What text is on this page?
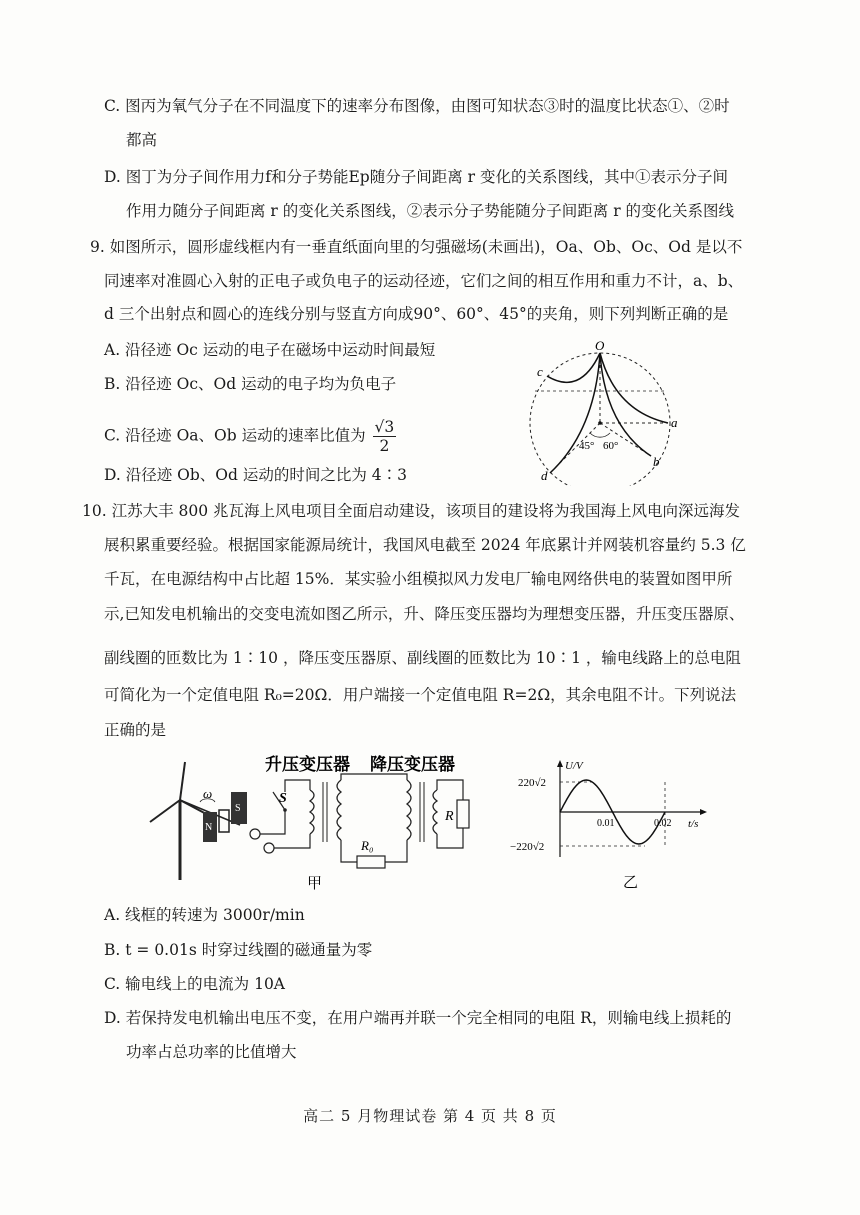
C. 图丙为氧气分子在不同温度下的速率分布图像，由图可知状态③时的温度比状态①、②时
都高
D. 图丁为分子间作用力f和分子势能Ep随分子间距离 r 变化的关系图线，其中①表示分子间
作用力随分子间距离 r 的变化关系图线，②表示分子势能随分子间距离 r 的变化关系图线
9. 如图所示，圆形虚线框内有一垂直纸面向里的匀强磁场(未画出)，Oa、Ob、Oc、Od 是以不
同速率对准圆心入射的正电子或负电子的运动径迹，它们之间的相互作用和重力不计，a、b、
d 三个出射点和圆心的连线分别与竖直方向成90°、60°、45°的夹角，则下列判断正确的是
A. 沿径迹 Oc 运动的电子在磁场中运动时间最短
B. 沿径迹 Oc、Od 运动的电子均为负电子
C. 沿径迹 Oa、Ob 运动的速率比值为 $\frac{√3}{2}$
D. 沿径迹 Ob、Od 运动的时间之比为 4∶3
O
a
b
c
d
45° 60°
10. 江苏大丰 800 兆瓦海上风电项目全面启动建设，该项目的建设将为我国海上风电向深远海发
展积累重要经验。根据国家能源局统计，我国风电截至 2024 年底累计并网装机容量约 5.3 亿
千瓦，在电源结构中占比超 15%．某实验小组模拟风力发电厂输电网络供电的装置如图甲所
示,已知发电机输出的交变电流如图乙所示，升、降压变压器均为理想变压器，升压变压器原、
副线圈的匝数比为 1∶10 ，降压变压器原、副线圈的匝数比为 10∶1 ，输电线路上的总电阻
可简化为一个定值电阻 R₀=20Ω．用户端接一个定值电阻 R=2Ω，其余电阻不计。下列说法
正确的是
升压变压器 降压变压器
ω
N
S
S
R₀
R
甲
U/V
t/s
220√2
−220√2
0.01	0.02
乙
A. 线框的转速为 3000r/min
B. t = 0.01s 时穿过线圈的磁通量为零
C. 输电线上的电流为 10A
D. 若保持发电机输出电压不变，在用户端再并联一个完全相同的电阻 R，则输电线上损耗的
功率占总功率的比值增大
高二 5 月物理试卷 第 4 页 共 8 页
